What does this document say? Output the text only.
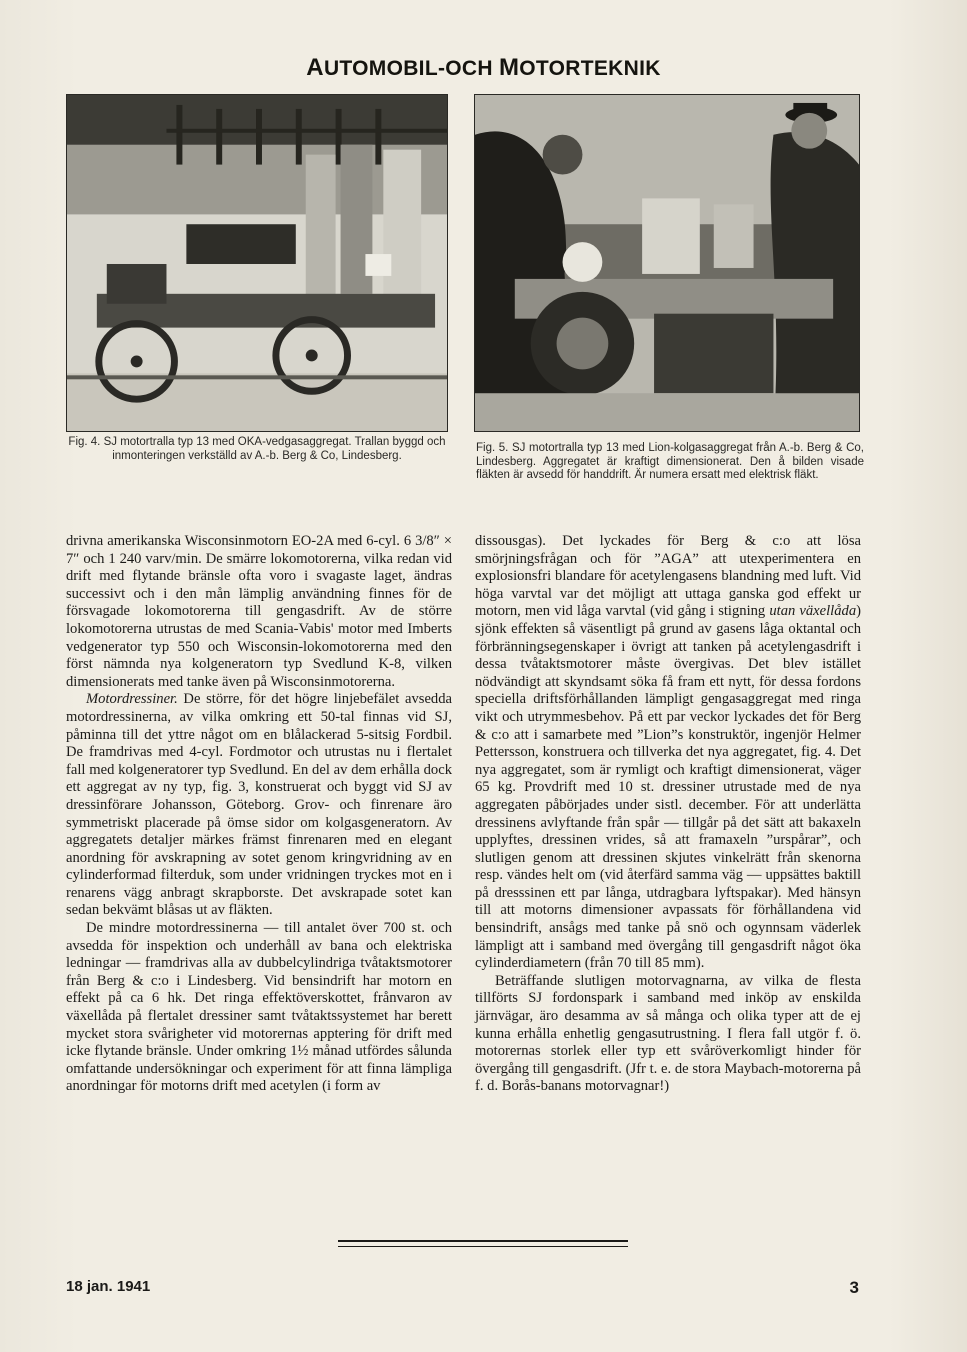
AUTOMOBIL-OCH MOTORTEKNIK
Fig. 4. SJ motortralla typ 13 med OKA-vedgasaggregat. Trallan byggd och inmonteringen verkställd av A.-b. Berg & Co, Lindesberg.
Fig. 5. SJ motortralla typ 13 med Lion-kolgasaggregat från A.-b. Berg & Co, Lindesberg. Aggregatet är kraftigt dimensionerat. Den å bilden visade fläkten är avsedd för handdrift. Är numera ersatt med elektrisk fläkt.

drivna amerikanska Wisconsinmotorn EO-2A med 6-cyl. 6 3/8″ × 7″ och 1 240 varv/min. De smärre lokomotorerna, vilka redan vid drift med flytande bränsle ofta voro i svagaste laget, ändras successivt och i den mån lämplig användning finnes för de försvagade lokomotorerna till gengasdrift. Av de större lokomotorerna utrustas de med Scania-Vabis' motor med Imberts vedgenerator typ 550 och Wisconsin-lokomotorerna med den först nämnda nya kolgeneratorn typ Svedlund K-8, vilken dimensionerats med tanke även på Wisconsinmotorerna.

Motordressiner. De större, för det högre linjebefälet avsedda motordressinerna, av vilka omkring ett 50-tal finnas vid SJ, påminna till det yttre något om en blålackerad 5-sitsig Fordbil. De framdrivas med 4-cyl. Fordmotor och utrustas nu i flertalet fall med kolgeneratorer typ Svedlund. En del av dem erhålla dock ett aggregat av ny typ, fig. 3, konstruerat och byggt vid SJ av dressinförare Johansson, Göteborg. Grov- och finrenare äro symmetriskt placerade på ömse sidor om kolgasgeneratorn. Av aggregatets detaljer märkes främst finrenaren med en elegant anordning för avskrapning av sotet genom kringvridning av en cylinderformad filterduk, som under vridningen tryckes mot en i renarens vägg anbragt skrapborste. Det avskrapade sotet kan sedan bekvämt blåsas ut av fläkten.

De mindre motordressinerna — till antalet över 700 st. och avsedda för inspektion och underhåll av bana och elektriska ledningar — framdrivas alla av dubbelcylindriga tvåtaktsmotorer från Berg & c:o i Lindesberg. Vid bensindrift har motorn en effekt på ca 6 hk. Det ringa effektöverskottet, frånvaron av växellåda på flertalet dressiner samt tvåtaktssystemet har berett mycket stora svårigheter vid motorernas apptering för drift med icke flytande bränsle. Under omkring 1½ månad utfördes sålunda omfattande undersökningar och experiment för att finna lämpliga anordningar för motorns drift med acetylen (i form av

dissousgas). Det lyckades för Berg & c:o att lösa smörjningsfrågan och för ”AGA” att utexperimentera en explosionsfri blandare för acetylengasens blandning med luft. Vid höga varvtal var det möjligt att uttaga ganska god effekt ur motorn, men vid låga varvtal (vid gång i stigning utan växellåda) sjönk effekten så väsentligt på grund av gasens låga oktantal och förbränningsegenskaper i övrigt att tanken på acetylengasdrift i dessa tvåtaktsmotorer måste övergivas. Det blev istället nödvändigt att skyndsamt söka få fram ett nytt, för dessa fordons speciella driftsförhållanden lämpligt gengasaggregat med ringa vikt och utrymmesbehov. På ett par veckor lyckades det för Berg & c:o att i samarbete med ”Lion”s konstruktör, ingenjör Helmer Pettersson, konstruera och tillverka det nya aggregatet, fig. 4. Det nya aggregatet, som är rymligt och kraftigt dimensionerat, väger 65 kg. Provdrift med 10 st. dressiner utrustade med de nya aggregaten påbörjades under sistl. december. För att underlätta dressinens avlyftande från spår — tillgår på det sätt att bakaxeln upplyftes, dressinen vrides, så att framaxeln ”urspårar”, och slutligen genom att dressinen skjutes vinkelrätt från skenorna resp. vändes helt om (vid återfärd samma väg — uppsättes baktill på dresssinen ett par långa, utdragbara lyftspakar). Med hänsyn till att motorns dimensioner avpassats för förhållandena vid bensindrift, ansågs med tanke på snö och ogynnsam väderlek lämpligt att i samband med övergång till gengasdrift något öka cylinderdiametern (från 70 till 85 mm).

Beträffande slutligen motorvagnarna, av vilka de flesta tillförts SJ fordonspark i samband med inköp av enskilda järnvägar, äro desamma av så många och olika typer att de ej kunna erhålla enhetlig gengasutrustning. I flera fall utgör f. ö. motorernas storlek eller typ ett svåröverkomligt hinder för övergång till gengasdrift. (Jfr t. e. de stora Maybach-motorerna på f. d. Borås-banans motorvagnar!)

18 jan. 1941	3
